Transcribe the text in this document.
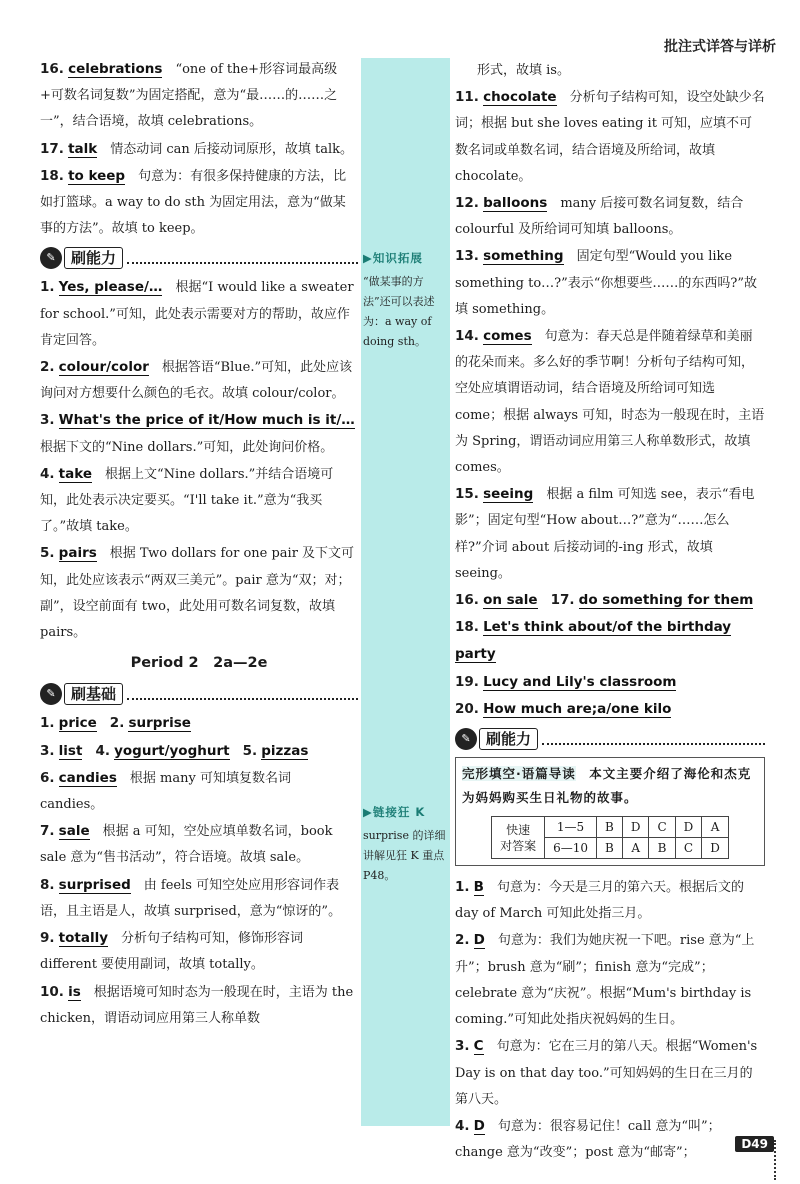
批注式详答与详析
▶知识拓展
“做某事的方法”还可以表述为：a way of doing sth。
▶链接狂 K
surprise 的详细讲解见狂 K 重点 P48。

16. celebrations　 “one of the+形容词最高级+可数名词复数”为固定搭配，意为“最……的……之一”，结合语境，故填 celebrations。

17. talk　 情态动词 can 后接动词原形，故填 talk。

18. to keep　 句意为：有很多保持健康的方法，比如打篮球。a way to do sth 为固定用法，意为“做某事的方法”。故填 to keep。

✎	刷能力

1. Yes, please/…　 根据“I would like a sweater for school.”可知，此处表示需要对方的帮助，故应作肯定回答。

2. colour/color　 根据答语“Blue.”可知，此处应该询问对方想要什么颜色的毛衣。故填 colour/color。

3. What's the price of it/How much is it/… 根据下文的“Nine dollars.”可知，此处询问价格。

4. take　 根据上文“Nine dollars.”并结合语境可知，此处表示决定要买。“I'll take it.”意为“我买了。”故填 take。

5. pairs　 根据 Two dollars for one pair 及下文可知，此处应该表示“两双三美元”。pair 意为“双；对；副”，设空前面有 two，此处用可数名词复数，故填 pairs。

Period 2　2a—2e
✎	刷基础

1. price　 2. surprise

3. list　 4. yogurt/yoghurt　 5. pizzas

6. candies　 根据 many 可知填复数名词 candies。

7. sale　 根据 a 可知，空处应填单数名词，book sale 意为“售书活动”，符合语境。故填 sale。

8. surprised　 由 feels 可知空处应用形容词作表语，且主语是人，故填 surprised，意为“惊讶的”。

9. totally　 分析句子结构可知，修饰形容词 different 要使用副词，故填 totally。

10. is　 根据语境可知时态为一般现在时，主语为 the chicken，谓语动词应用第三人称单数

形式，故填 is。

11. chocolate　 分析句子结构可知，设空处缺少名词；根据 but she loves eating it 可知，应填不可数名词或单数名词，结合语境及所给词，故填 chocolate。

12. balloons　 many 后接可数名词复数，结合 colourful 及所给词可知填 balloons。

13. something　 固定句型“Would you like something to…?”表示“你想要些……的东西吗?”故填 something。

14. comes　 句意为：春天总是伴随着绿草和美丽的花朵而来。多么好的季节啊！分析句子结构可知，空处应填谓语动词，结合语境及所给词可知选 come；根据 always 可知，时态为一般现在时，主语为 Spring，谓语动词应用第三人称单数形式，故填 comes。

15. seeing　 根据 a film 可知选 see，表示“看电影”；固定句型“How about…?”意为“……怎么样?”介词 about 后接动词的-ing 形式，故填 seeing。

16. on sale　 17. do something for them

18. Let's think about/of the birthday party

19. Lucy and Lily's classroom

20. How much are;a/one kilo

✎	刷能力
完形填空·语篇导读　 本文主要介绍了海伦和杰克为妈妈购买生日礼物的故事。
快速
对答案	1—5	B	D	C	D	A
	6—10	B	A	B	C	D

1. B　 句意为：今天是三月的第六天。根据后文的 day of March 可知此处指三月。

2. D　 句意为：我们为她庆祝一下吧。rise 意为“上升”；brush 意为“刷”；finish 意为“完成”；celebrate 意为“庆祝”。根据“Mum's birthday is coming.”可知此处指庆祝妈妈的生日。

3. C　 句意为：它在三月的第八天。根据“Women's Day is on that day too.”可知妈妈的生日在三月的第八天。

4. D　 句意为：很容易记住！call 意为“叫”；change 意为“改变”；post 意为“邮寄”；

D49
